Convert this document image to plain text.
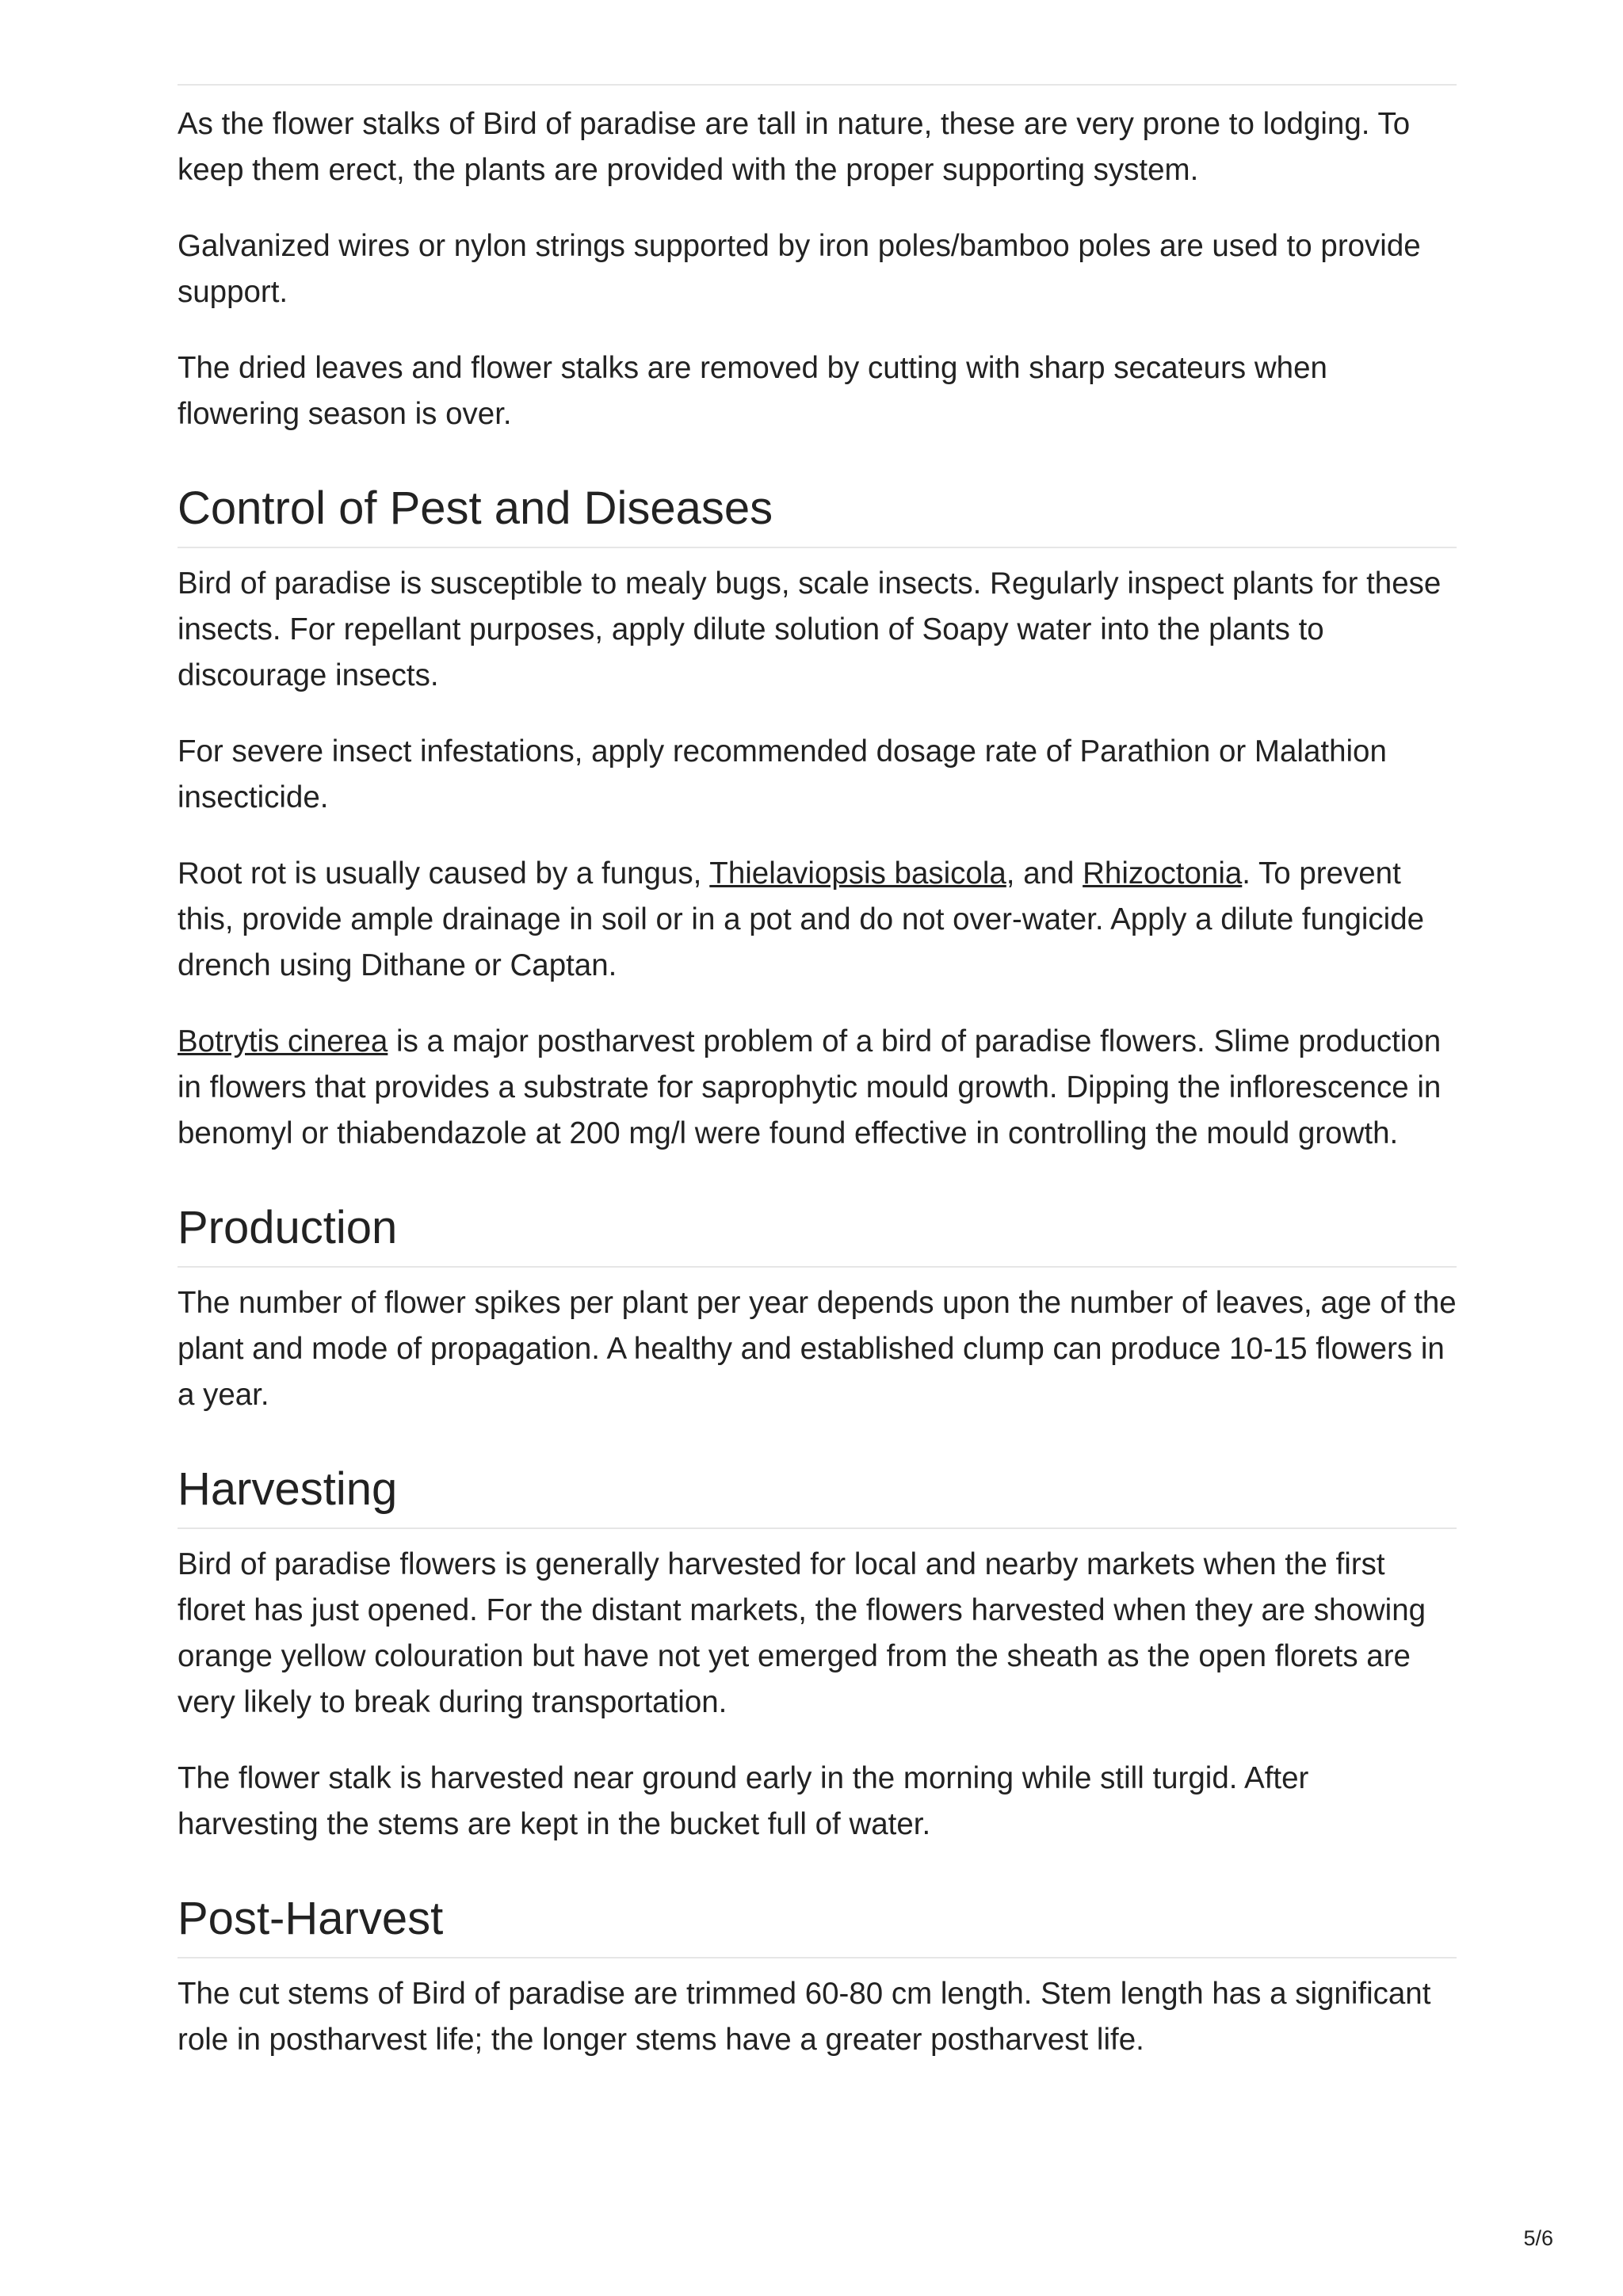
As the flower stalks of Bird of paradise are tall in nature, these are very prone to lodging. To keep them erect, the plants are provided with the proper supporting system.

Galvanized wires or nylon strings supported by iron poles/bamboo poles are used to provide support.

The dried leaves and flower stalks are removed by cutting with sharp secateurs when flowering season is over.

Control of Pest and Diseases

Bird of paradise is susceptible to mealy bugs, scale insects. Regularly inspect plants for these insects. For repellant purposes, apply dilute solution of Soapy water into the plants to discourage insects.

For severe insect infestations, apply recommended dosage rate of Parathion or Malathion insecticide.

Root rot is usually caused by a fungus, Thielaviopsis basicola, and Rhizoctonia. To prevent this, provide ample drainage in soil or in a pot and do not over-water. Apply a dilute fungicide drench using Dithane or Captan.

Botrytis cinerea is a major postharvest problem of a bird of paradise flowers. Slime production in flowers that provides a substrate for saprophytic mould growth. Dipping the inflorescence in benomyl or thiabendazole at 200 mg/l were found effective in controlling the mould growth.

Production

The number of flower spikes per plant per year depends upon the number of leaves, age of the plant and mode of propagation. A healthy and established clump can produce 10-15 flowers in a year.

Harvesting

Bird of paradise flowers is generally harvested for local and nearby markets when the first floret has just opened. For the distant markets, the flowers harvested when they are showing orange yellow colouration but have not yet emerged from the sheath as the open florets are very likely to break during transportation.

The flower stalk is harvested near ground early in the morning while still turgid. After harvesting the stems are kept in the bucket full of water.

Post-Harvest

The cut stems of Bird of paradise are trimmed 60-80 cm length. Stem length has a significant role in postharvest life; the longer stems have a greater postharvest life.

5/6
